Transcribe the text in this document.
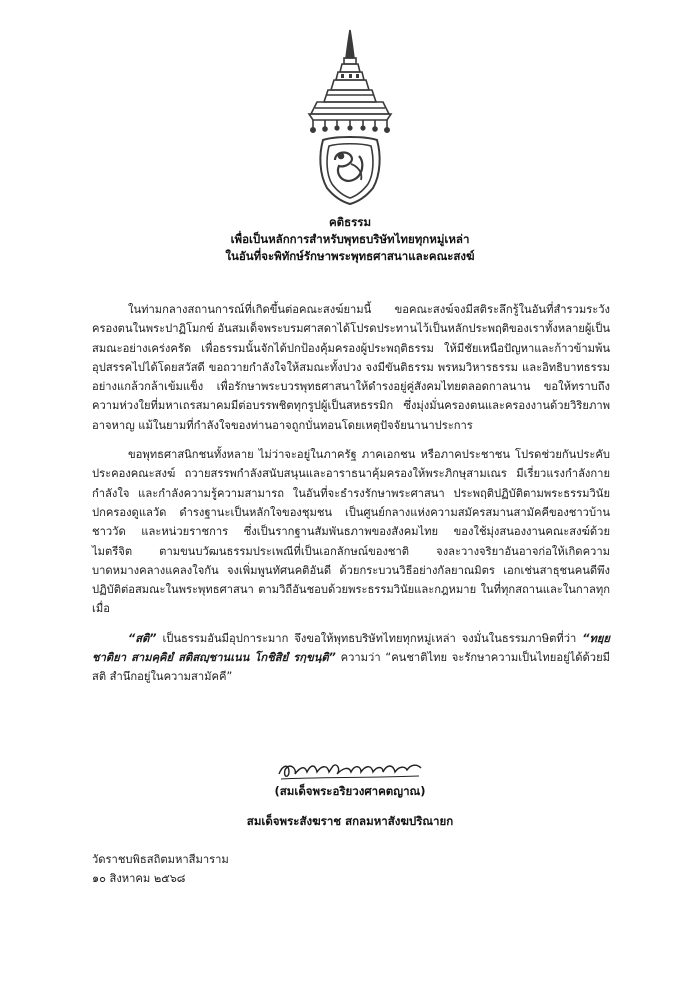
คติธรรม
เพื่อเป็นหลักการสำหรับพุทธบริษัทไทยทุกหมู่เหล่า
ในอันที่จะพิทักษ์รักษาพระพุทธศาสนาและคณะสงฆ์

ในท่ามกลางสถานการณ์ที่เกิดขึ้นต่อคณะสงฆ์ยามนี้ ขอคณะสงฆ์จงมีสติระลึกรู้ในอันที่สำรวมระวังครองตนในพระปาฏิโมกข์ อันสมเด็จพระบรมศาสดาได้โปรดประทานไว้เป็นหลักประพฤติของเราทั้งหลายผู้เป็นสมณะอย่างเคร่งครัด เพื่อธรรมนั้นจักได้ปกป้องคุ้มครองผู้ประพฤติธรรม ให้มีชัยเหนือปัญหาและก้าวข้ามพ้นอุปสรรคไปได้โดยสวัสดี ขอถวายกำลังใจให้สมณะทั้งปวง จงมีขันติธรรม พรหมวิหารธรรม และอิทธิบาทธรรม อย่างแกล้วกล้าเข้มแข็ง เพื่อรักษาพระบวรพุทธศาสนาให้ดำรงอยู่คู่สังคมไทยตลอดกาลนาน ขอให้ทราบถึงความห่วงใยที่มหาเถรสมาคมมีต่อบรรพชิตทุกรูปผู้เป็นสหธรรมิก ซึ่งมุ่งมั่นครองตนและครองงานด้วยวิริยภาพอาจหาญ แม้ในยามที่กำลังใจของท่านอาจถูกบั่นทอนโดยเหตุปัจจัยนานาประการ

ขอพุทธศาสนิกชนทั้งหลาย ไม่ว่าจะอยู่ในภาครัฐ ภาคเอกชน หรือภาคประชาชน โปรดช่วยกันประคับประคองคณะสงฆ์ ถวายสรรพกำลังสนับสนุนและอาราธนาคุ้มครองให้พระภิกษุสามเณร มีเรี่ยวแรงกำลังกาย กำลังใจ และกำลังความรู้ความสามารถ ในอันที่จะธำรงรักษาพระศาสนา ประพฤติปฏิบัติตามพระธรรมวินัย ปกครองดูแลวัด ดำรงฐานะเป็นหลักใจของชุมชน เป็นศูนย์กลางแห่งความสมัครสมานสามัคคีของชาวบ้าน ชาววัด และหน่วยราชการ ซึ่งเป็นรากฐานสัมพันธภาพของสังคมไทย ของใช้มุ่งสนองงานคณะสงฆ์ด้วยไมตรีจิต ตามขนบวัฒนธรรมประเพณีที่เป็นเอกลักษณ์ของชาติ จงละวางจริยาอันอาจก่อให้เกิดความบาดหมางคลางแคลงใจกัน จงเพิ่มพูนทัศนคติอันดี ด้วยกระบวนวิธีอย่างกัลยาณมิตร เอกเช่นสาธุชนคนดีพึงปฏิบัติต่อสมณะในพระพุทธศาสนา ตามวิถีอันชอบด้วยพระธรรมวินัยและกฎหมาย ในที่ทุกสถานและในกาลทุกเมื่อ

“สติ” เป็นธรรมอันมีอุปการะมาก จึงขอให้พุทธบริษัทไทยทุกหมู่เหล่า จงมั่นในธรรมภาษิตที่ว่า “ทยฺยชาติยา สามคฺคิยํ สติสญฺชานเนน โกชิสิยํ รกฺขนฺติ” ความว่า “คนชาติไทย จะรักษาความเป็นไทยอยู่ได้ด้วยมีสติ สำนึกอยู่ในความสามัคคี”

(สมเด็จพระอริยวงศาคตญาณ)
สมเด็จพระสังฆราช สกลมหาสังฆปริณายก
วัดราชบพิธสถิตมหาสีมาราม
๑๐ สิงหาคม ๒๕๖๘
